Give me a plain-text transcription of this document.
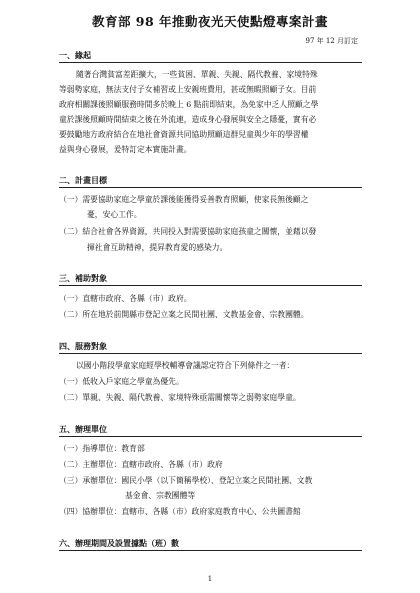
教育部 98 年推動夜光天使點燈專案計畫
97 年 12 月訂定
一、緣起
隨著台灣貧富差距擴大，一些貧困、單親、失親、隔代教養、家境特殊
等弱勢家庭，無法支付子女補習或上安親班費用，甚或無暇照顧子女。目前
政府相關課後照顧服務時間多於晚上 6 點前即結束，為免家中乏人照顧之學
童於課後照顧時間結束之後在外流連，造成身心發展與安全之隱憂，實有必
要鼓勵地方政府結合在地社會資源共同協助照顧這群兒童與少年的學習權
益與身心發展，爰特訂定本實施計畫。
二、計畫目標
（一）需要協助家庭之學童於課後能獲得妥善教育照顧，使家長無後顧之
憂，安心工作。
（二）結合社會各界資源，共同投入對需要協助家庭孩童之關懷，並藉以發
揮社會互助精神，提昇教育愛的感染力。
三、補助對象
（一）直轄市政府、各縣（市）政府。
（二）所在地於前開縣市登記立案之民間社團、文教基金會、宗教團體。
四、服務對象
以國小階段學童家庭經學校輔導會議認定符合下列條件之一者：
（一）低收入戶家庭之學童為優先。
（二）單親、失親、隔代教養、家境特殊亟需關懷等之弱勢家庭學童。
五、辦理單位
（一）指導單位：教育部
（二）主辦單位：直轄市政府、各縣（市）政府
（三）承辦單位：國民小學（以下簡稱學校）、登記立案之民間社團、文教
基金會、宗教團體等
（四）協辦單位：直轄市、各縣（市）政府家庭教育中心、公共圖書館
六、辦理期間及設置據點（班）數
1
